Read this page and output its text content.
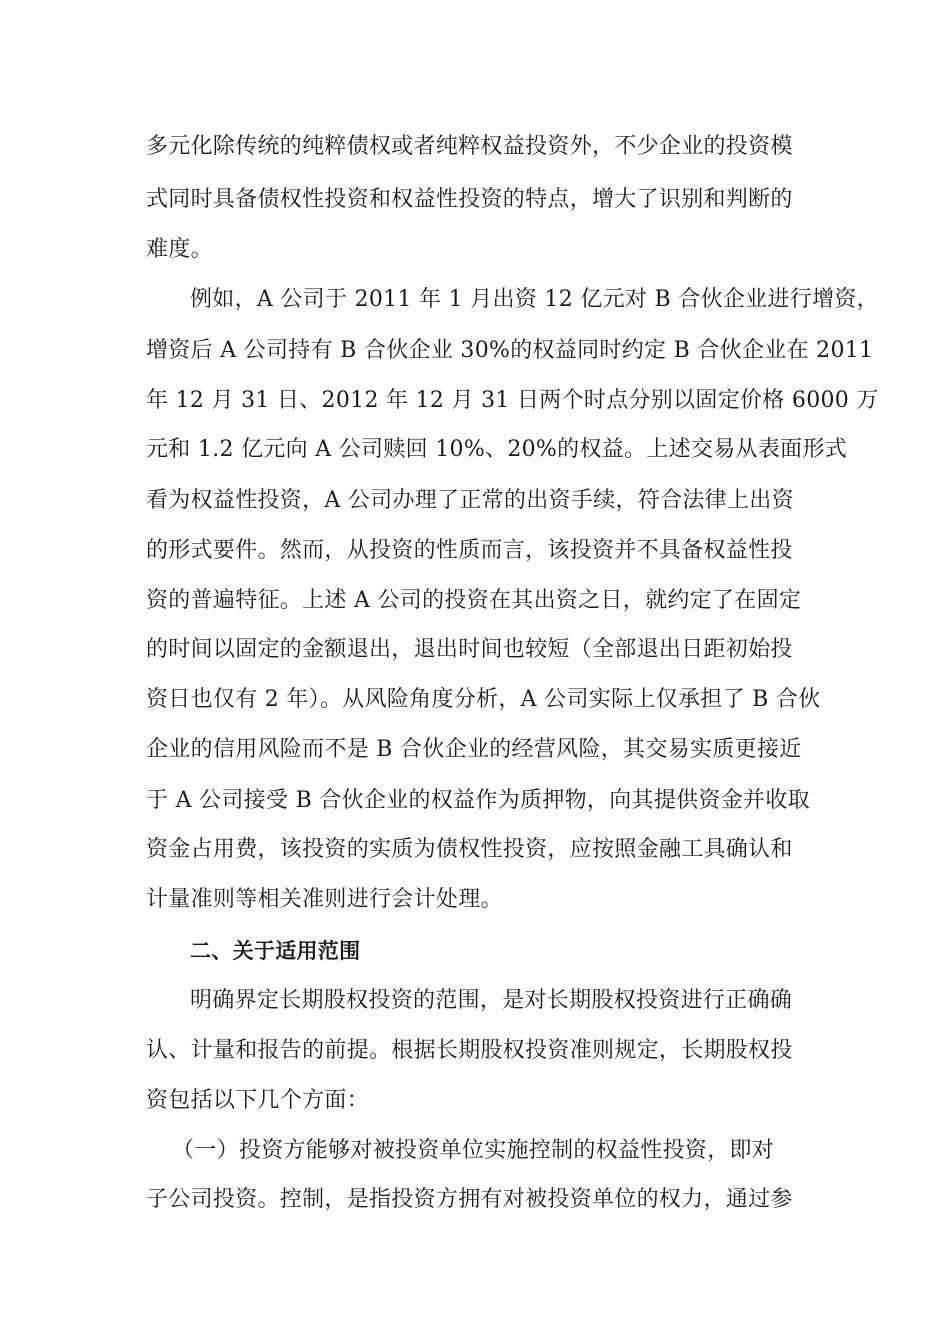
多元化除传统的纯粹债权或者纯粹权益投资外，不少企业的投资模
式同时具备债权性投资和权益性投资的特点，增大了识别和判断的
难度。
例如，A 公司于 2011 年 1 月出资 12 亿元对 B 合伙企业进行增资，
增资后 A 公司持有 B 合伙企业 30%的权益同时约定 B 合伙企业在 2011
年 12 月 31 日、2012 年 12 月 31 日两个时点分别以固定价格 6000 万
元和 1.2 亿元向 A 公司赎回 10%、20%的权益。上述交易从表面形式
看为权益性投资，A 公司办理了正常的出资手续，符合法律上出资
的形式要件。然而，从投资的性质而言，该投资并不具备权益性投
资的普遍特征。上述 A 公司的投资在其出资之日，就约定了在固定
的时间以固定的金额退出，退出时间也较短（全部退出日距初始投
资日也仅有 2 年）。从风险角度分析，A 公司实际上仅承担了 B 合伙
企业的信用风险而不是 B 合伙企业的经营风险，其交易实质更接近
于 A 公司接受 B 合伙企业的权益作为质押物，向其提供资金并收取
资金占用费，该投资的实质为债权性投资，应按照金融工具确认和
计量准则等相关准则进行会计处理。
二、关于适用范围
明确界定长期股权投资的范围，是对长期股权投资进行正确确
认、计量和报告的前提。根据长期股权投资准则规定，长期股权投
资包括以下几个方面：
（一）投资方能够对被投资单位实施控制的权益性投资，即对
子公司投资。控制，是指投资方拥有对被投资单位的权力，通过参
